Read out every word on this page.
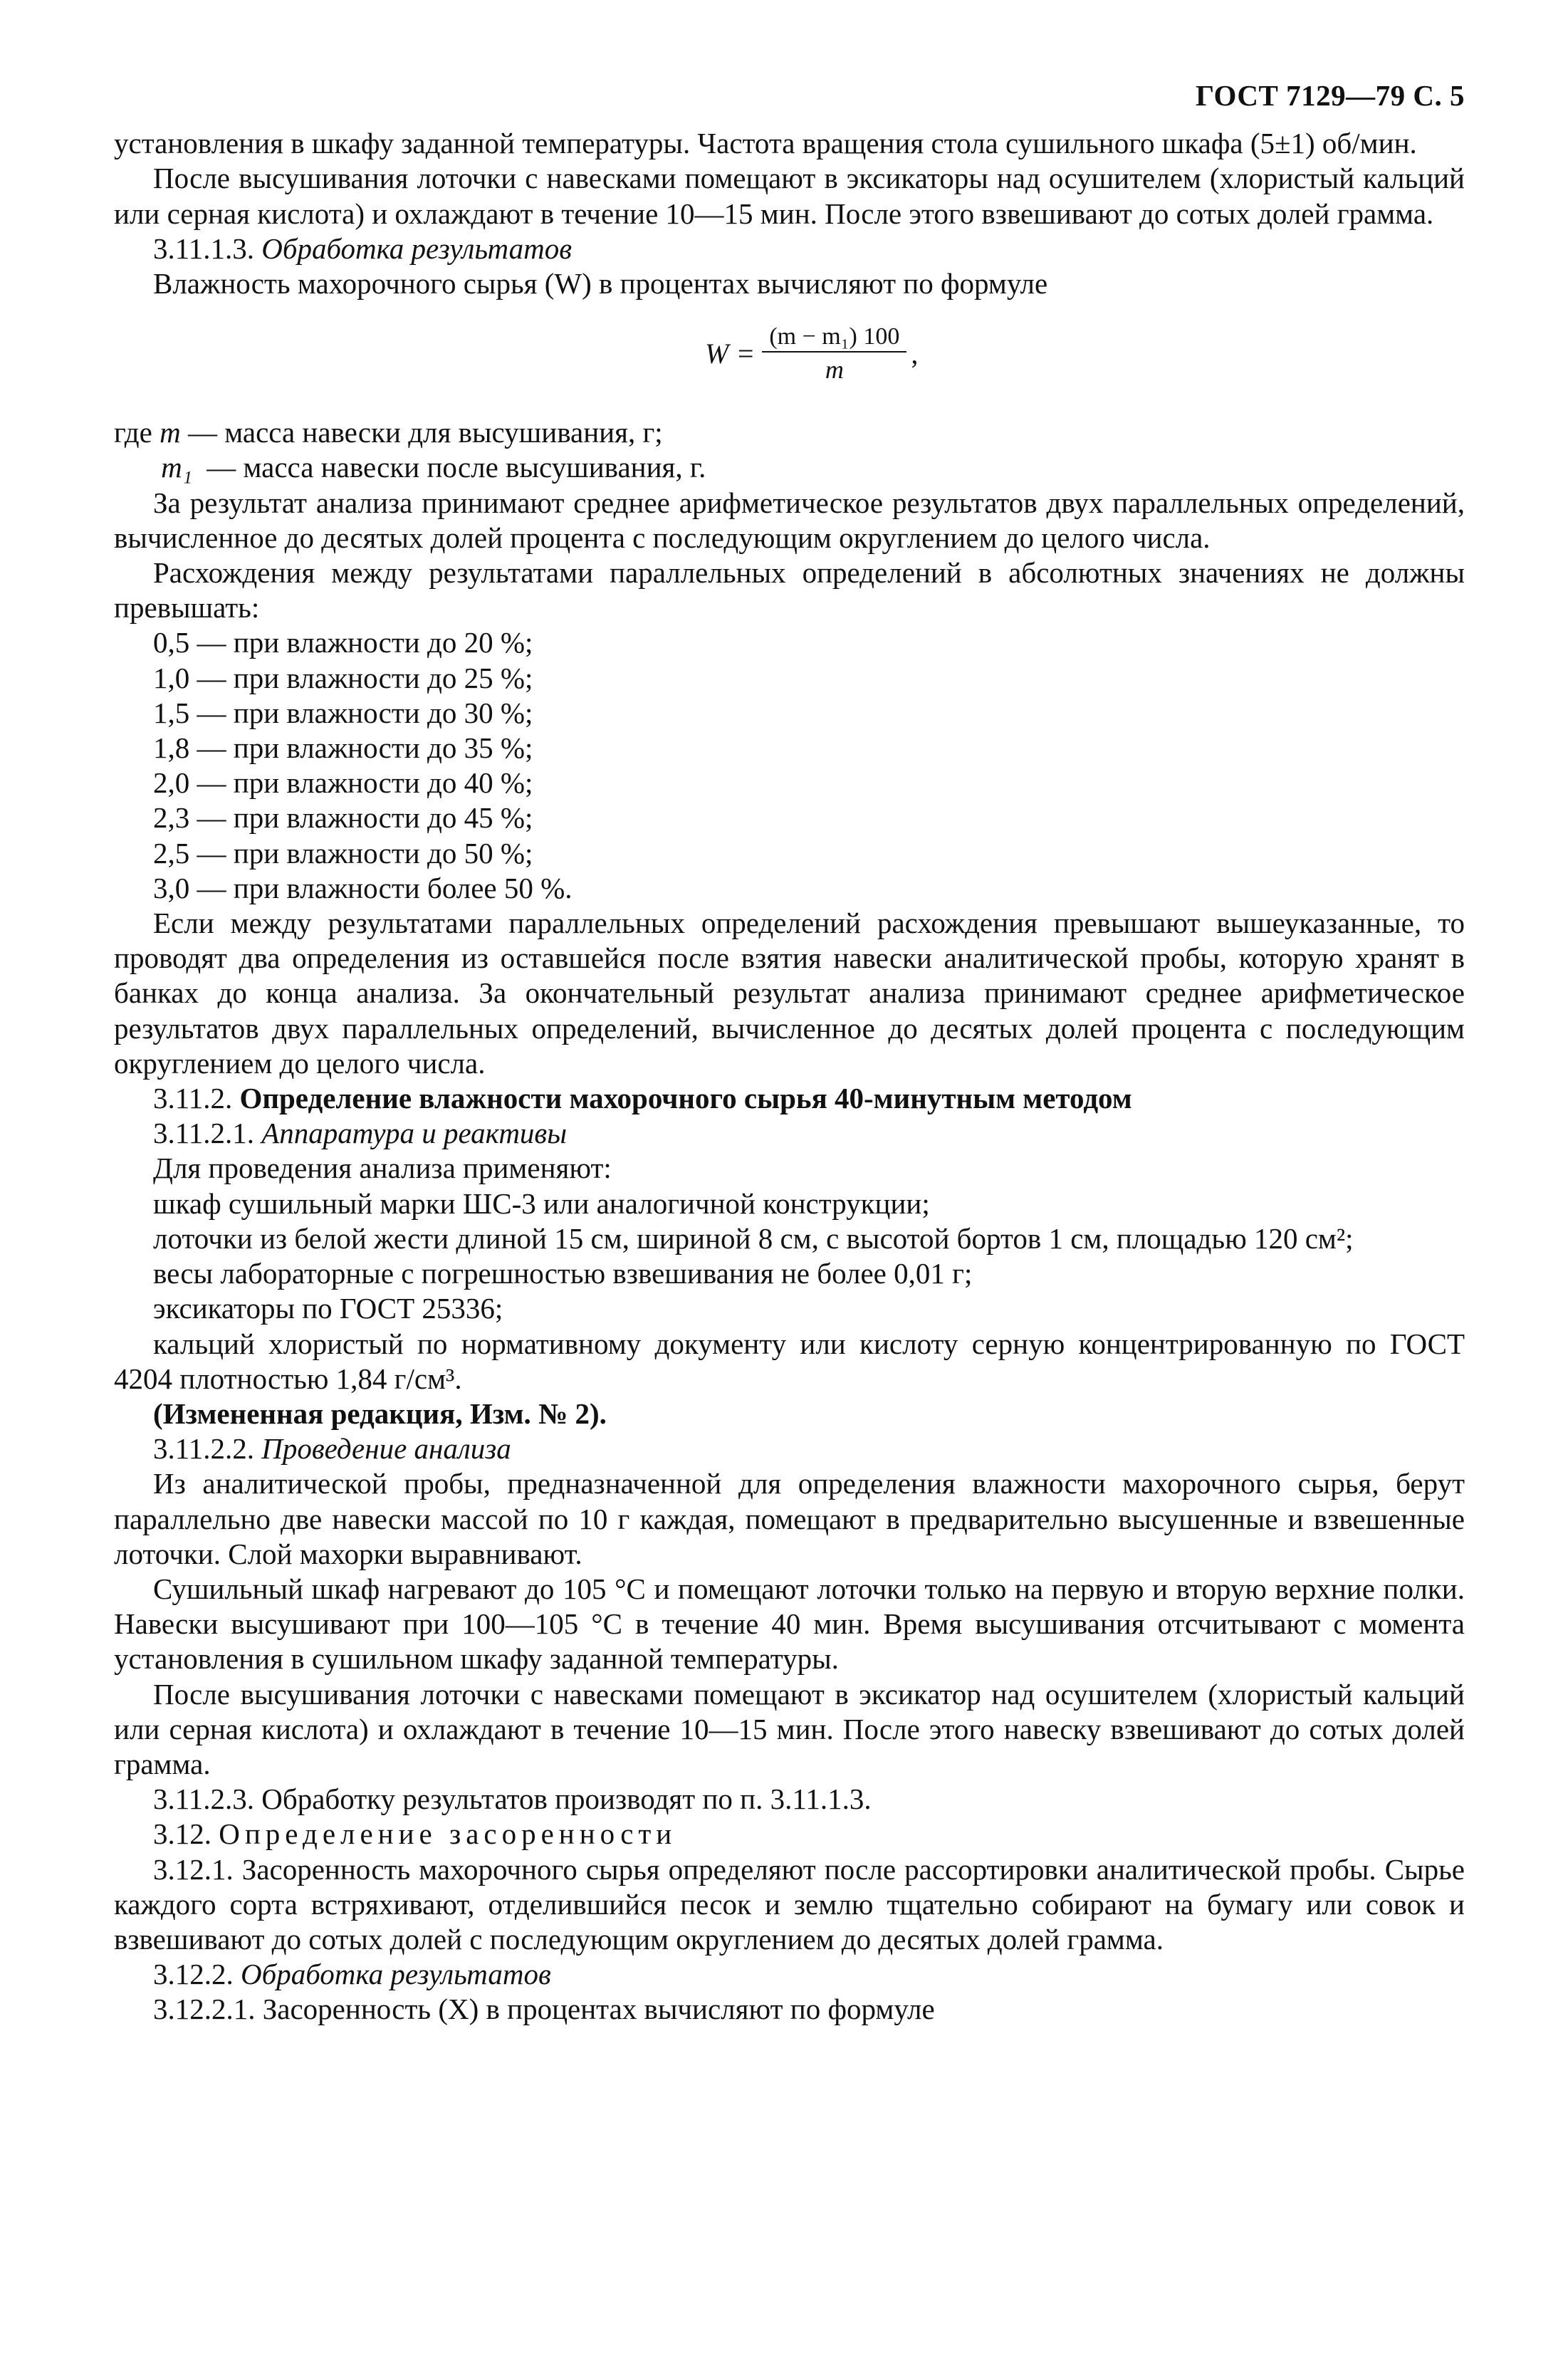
ГОСТ 7129—79 С. 5

установления в шкафу заданной температуры. Частота вращения стола сушильного шкафа (5±1) об/мин.

После высушивания лоточки с навесками помещают в эксикаторы над осушителем (хлористый кальций или серная кислота) и охлаждают в течение 10—15 мин. После этого взвешивают до сотых долей грамма.

3.11.1.3. Обработка результатов

Влажность махорочного сырья (W) в процентах вычисляют по формуле

$W = \frac{\text{(m − m₁) 100}}{m}$ ,

где m — масса навески для высушивания, г;

m₁ — масса навески после высушивания, г.

За результат анализа принимают среднее арифметическое результатов двух параллельных определений, вычисленное до десятых долей процента с последующим округлением до целого числа.

Расхождения между результатами параллельных определений в абсолютных значениях не должны превышать:

0,5 — при влажности до 20 %;

1,0 — при влажности до 25 %;

1,5 — при влажности до 30 %;

1,8 — при влажности до 35 %;

2,0 — при влажности до 40 %;

2,3 — при влажности до 45 %;

2,5 — при влажности до 50 %;

3,0 — при влажности более 50 %.

Если между результатами параллельных определений расхождения превышают вышеуказанные, то проводят два определения из оставшейся после взятия навески аналитической пробы, которую хранят в банках до конца анализа. За окончательный результат анализа принимают среднее арифметическое результатов двух параллельных определений, вычисленное до десятых долей процента с последующим округлением до целого числа.

3.11.2. Определение влажности махорочного сырья 40-минутным методом

3.11.2.1. Аппаратура и реактивы

Для проведения анализа применяют:

шкаф сушильный марки ШС-3 или аналогичной конструкции;

лоточки из белой жести длиной 15 см, шириной 8 см, с высотой бортов 1 см, площадью 120 см²;

весы лабораторные с погрешностью взвешивания не более 0,01 г;

эксикаторы по ГОСТ 25336;

кальций хлористый по нормативному документу или кислоту серную концентрированную по ГОСТ 4204 плотностью 1,84 г/см³.

(Измененная редакция, Изм. № 2).

3.11.2.2. Проведение анализа

Из аналитической пробы, предназначенной для определения влажности махорочного сырья, берут параллельно две навески массой по 10 г каждая, помещают в предварительно высушенные и взвешенные лоточки. Слой махорки выравнивают.

Сушильный шкаф нагревают до 105 °С и помещают лоточки только на первую и вторую верхние полки. Навески высушивают при 100—105 °С в течение 40 мин. Время высушивания отсчитывают с момента установления в сушильном шкафу заданной температуры.

После высушивания лоточки с навесками помещают в эксикатор над осушителем (хлористый кальций или серная кислота) и охлаждают в течение 10—15 мин. После этого навеску взвешивают до сотых долей грамма.

3.11.2.3. Обработку результатов производят по п. 3.11.1.3.

3.12. Определение засоренности

3.12.1. Засоренность махорочного сырья определяют после рассортировки аналитической пробы. Сырье каждого сорта встряхивают, отделившийся песок и землю тщательно собирают на бумагу или совок и взвешивают до сотых долей с последующим округлением до десятых долей грамма.

3.12.2. Обработка результатов

3.12.2.1. Засоренность (X) в процентах вычисляют по формуле
